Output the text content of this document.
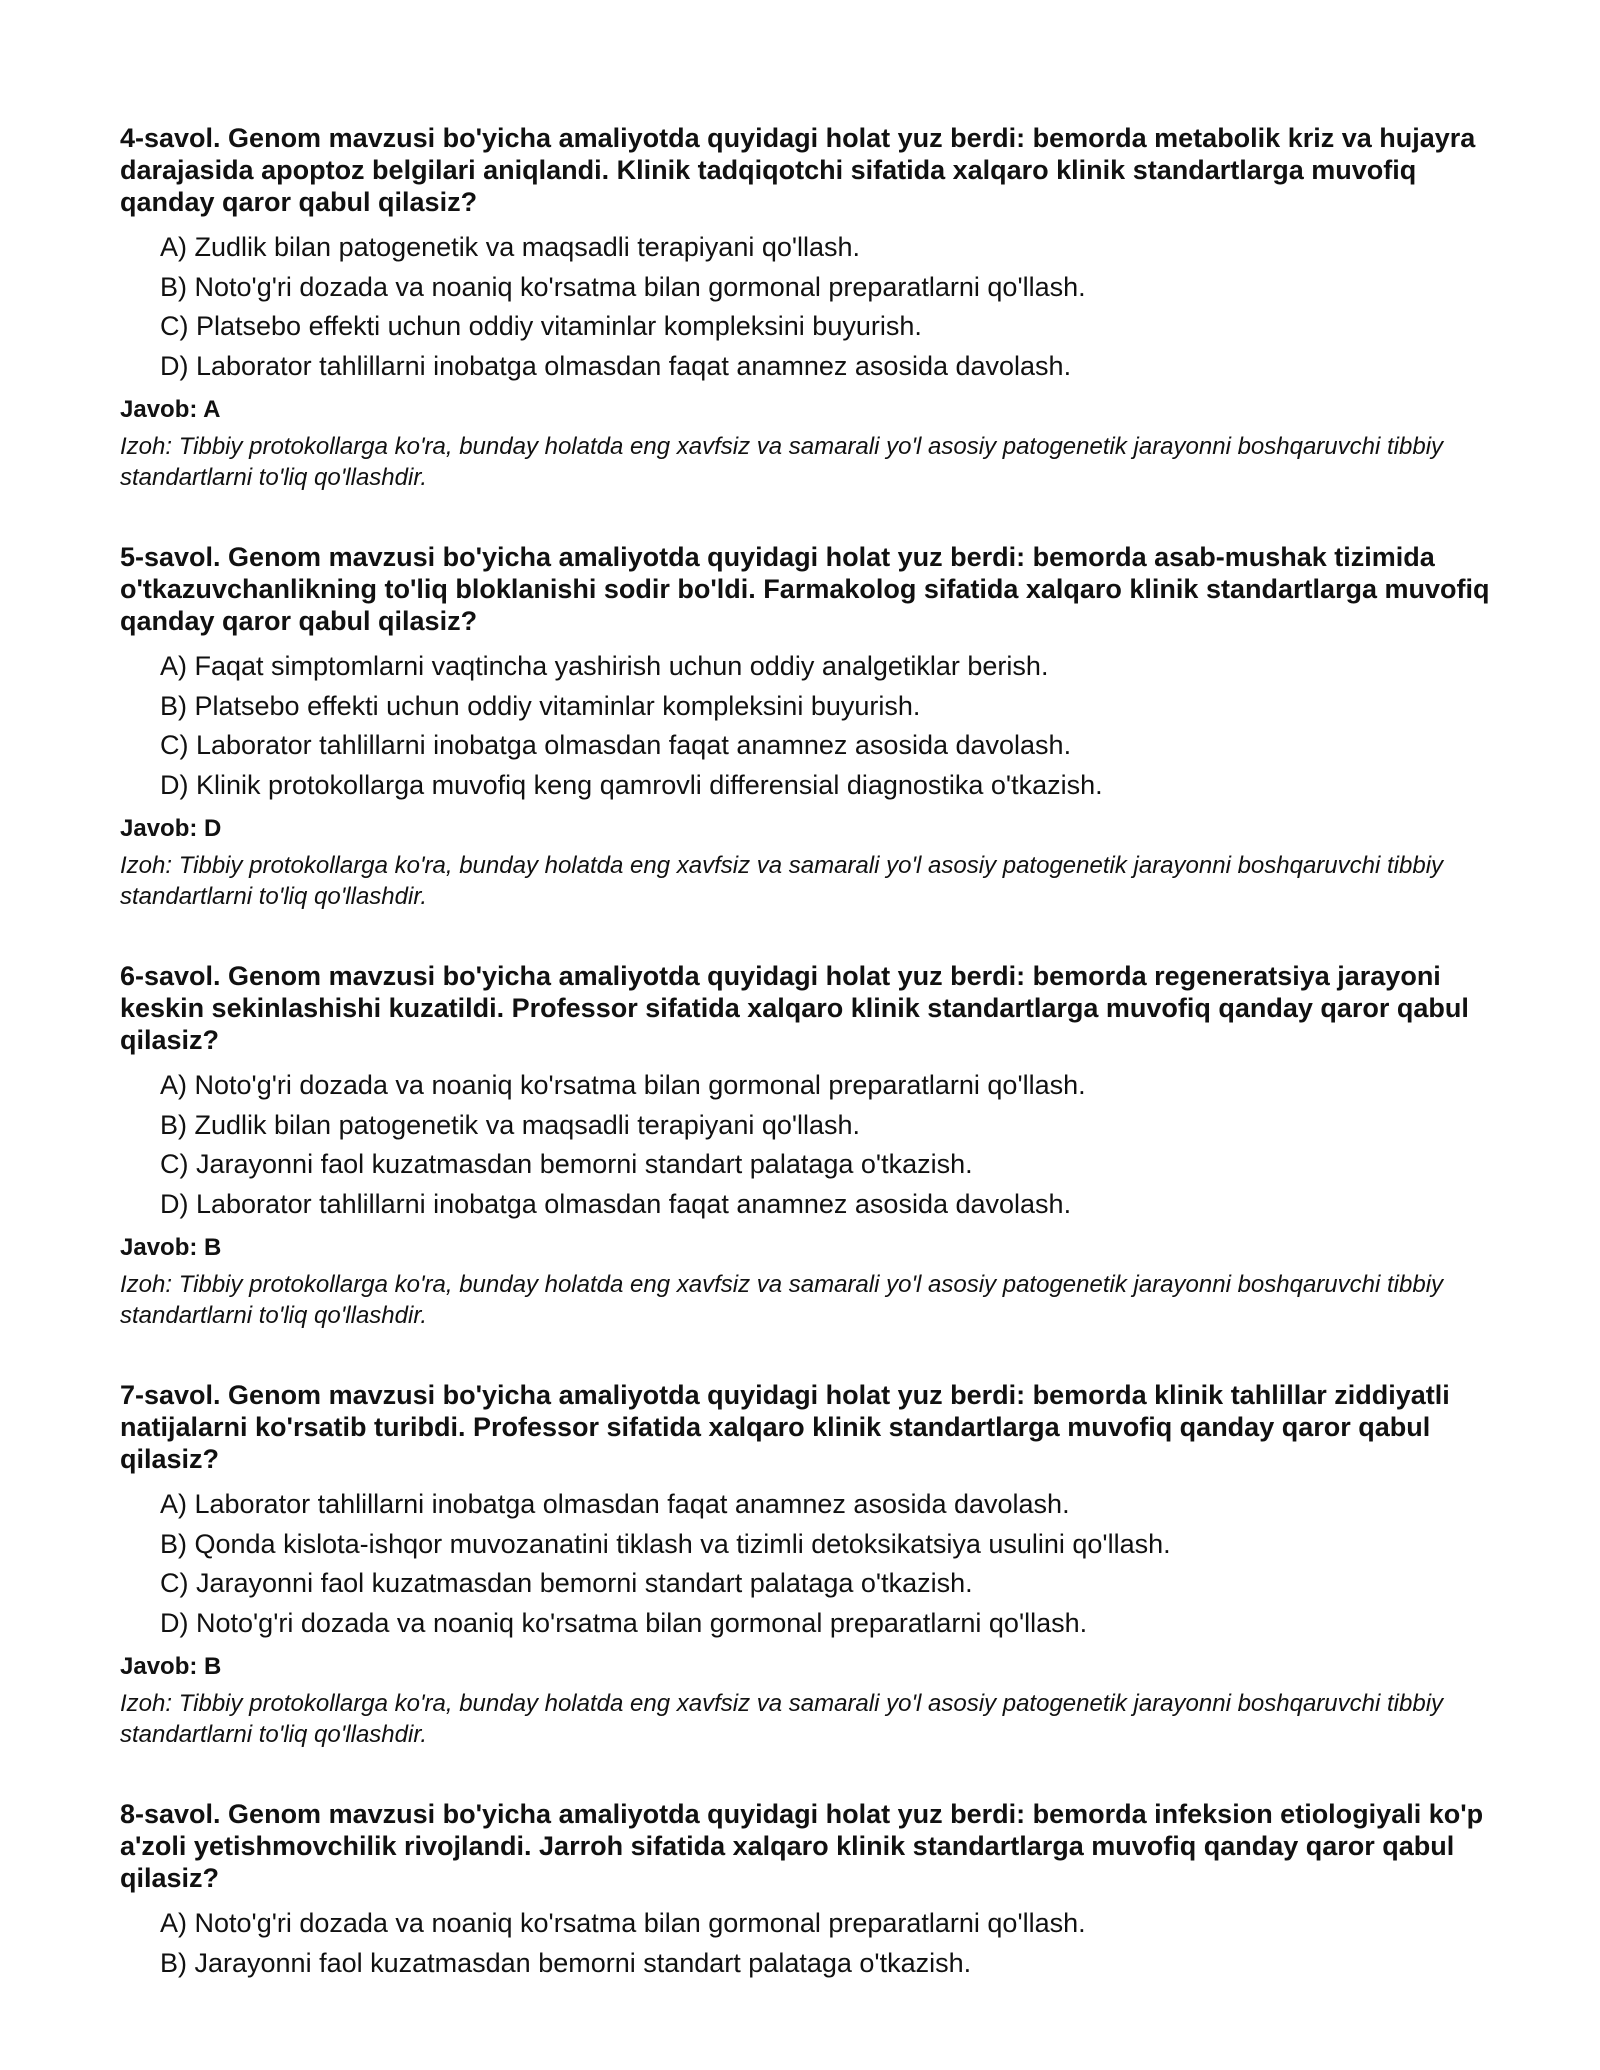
4-savol. Genom mavzusi bo'yicha amaliyotda quyidagi holat yuz berdi: bemorda metabolik kriz va hujayra darajasida apoptoz belgilari aniqlandi. Klinik tadqiqotchi sifatida xalqaro klinik standartlarga muvofiq qanday qaror qabul qilasiz?

A) Zudlik bilan patogenetik va maqsadli terapiyani qo'llash.
B) Noto'g'ri dozada va noaniq ko'rsatma bilan gormonal preparatlarni qo'llash.
C) Platsebo effekti uchun oddiy vitaminlar kompleksini buyurish.
D) Laborator tahlillarni inobatga olmasdan faqat anamnez asosida davolash.

Javob: A

Izoh: Tibbiy protokollarga ko'ra, bunday holatda eng xavfsiz va samarali yo'l asosiy patogenetik jarayonni boshqaruvchi tibbiy standartlarni to'liq qo'llashdir.

5-savol. Genom mavzusi bo'yicha amaliyotda quyidagi holat yuz berdi: bemorda asab-mushak tizimida o'tkazuvchanlikning to'liq bloklanishi sodir bo'ldi. Farmakolog sifatida xalqaro klinik standartlarga muvofiq qanday qaror qabul qilasiz?

A) Faqat simptomlarni vaqtincha yashirish uchun oddiy analgetiklar berish.
B) Platsebo effekti uchun oddiy vitaminlar kompleksini buyurish.
C) Laborator tahlillarni inobatga olmasdan faqat anamnez asosida davolash.
D) Klinik protokollarga muvofiq keng qamrovli differensial diagnostika o'tkazish.

Javob: D

Izoh: Tibbiy protokollarga ko'ra, bunday holatda eng xavfsiz va samarali yo'l asosiy patogenetik jarayonni boshqaruvchi tibbiy standartlarni to'liq qo'llashdir.

6-savol. Genom mavzusi bo'yicha amaliyotda quyidagi holat yuz berdi: bemorda regeneratsiya jarayoni keskin sekinlashishi kuzatildi. Professor sifatida xalqaro klinik standartlarga muvofiq qanday qaror qabul qilasiz?

A) Noto'g'ri dozada va noaniq ko'rsatma bilan gormonal preparatlarni qo'llash.
B) Zudlik bilan patogenetik va maqsadli terapiyani qo'llash.
C) Jarayonni faol kuzatmasdan bemorni standart palataga o'tkazish.
D) Laborator tahlillarni inobatga olmasdan faqat anamnez asosida davolash.

Javob: B

Izoh: Tibbiy protokollarga ko'ra, bunday holatda eng xavfsiz va samarali yo'l asosiy patogenetik jarayonni boshqaruvchi tibbiy standartlarni to'liq qo'llashdir.

7-savol. Genom mavzusi bo'yicha amaliyotda quyidagi holat yuz berdi: bemorda klinik tahlillar ziddiyatli natijalarni ko'rsatib turibdi. Professor sifatida xalqaro klinik standartlarga muvofiq qanday qaror qabul qilasiz?

A) Laborator tahlillarni inobatga olmasdan faqat anamnez asosida davolash.
B) Qonda kislota-ishqor muvozanatini tiklash va tizimli detoksikatsiya usulini qo'llash.
C) Jarayonni faol kuzatmasdan bemorni standart palataga o'tkazish.
D) Noto'g'ri dozada va noaniq ko'rsatma bilan gormonal preparatlarni qo'llash.

Javob: B

Izoh: Tibbiy protokollarga ko'ra, bunday holatda eng xavfsiz va samarali yo'l asosiy patogenetik jarayonni boshqaruvchi tibbiy standartlarni to'liq qo'llashdir.

8-savol. Genom mavzusi bo'yicha amaliyotda quyidagi holat yuz berdi: bemorda infeksion etiologiyali ko'p a'zoli yetishmovchilik rivojlandi. Jarroh sifatida xalqaro klinik standartlarga muvofiq qanday qaror qabul qilasiz?

A) Noto'g'ri dozada va noaniq ko'rsatma bilan gormonal preparatlarni qo'llash.
B) Jarayonni faol kuzatmasdan bemorni standart palataga o'tkazish.
